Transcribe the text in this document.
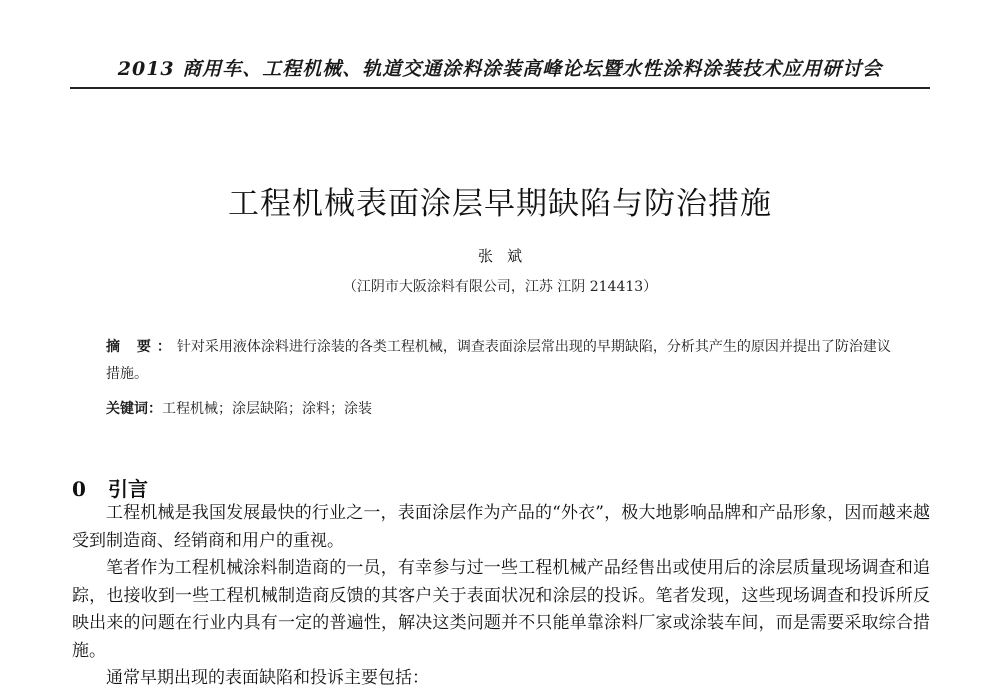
2013 商用车、工程机械、轨道交通涂料涂装高峰论坛暨水性涂料涂装技术应用研讨会
工程机械表面涂层早期缺陷与防治措施
张斌
（江阴市大阪涂料有限公司，江苏 江阴 214413）
摘 要：针对采用液体涂料进行涂装的各类工程机械，调查表面涂层常出现的早期缺陷，分析其产生的原因并提出了防治建议措施。
关键词：工程机械；涂层缺陷；涂料；涂装
0 引言

工程机械是我国发展最快的行业之一，表面涂层作为产品的“外衣”，极大地影响品牌和产品形象，因而越来越受到制造商、经销商和用户的重视。

笔者作为工程机械涂料制造商的一员，有幸参与过一些工程机械产品经售出或使用后的涂层质量现场调查和追踪，也接收到一些工程机械制造商反馈的其客户关于表面状况和涂层的投诉。笔者发现，这些现场调查和投诉所反映出来的问题在行业内具有一定的普遍性，解决这类问题并不只能单靠涂料厂家或涂装车间，而是需要采取综合措施。

通常早期出现的表面缺陷和投诉主要包括：
